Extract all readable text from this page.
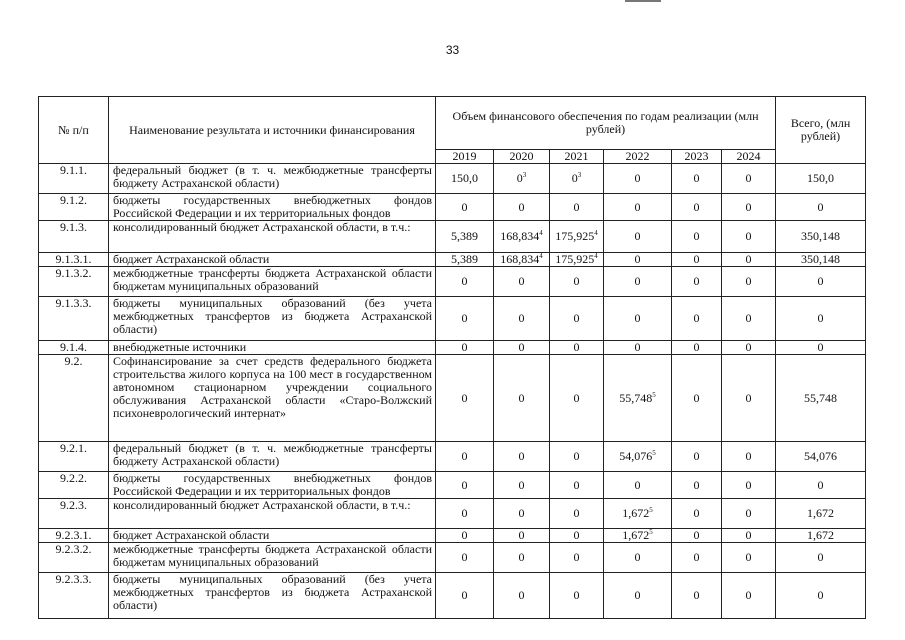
33
№ п/п	Наименование результата и источники финансирования	Объем финансового обеспечения по годам реализации (млн рублей)						Всего, (млн рублей)
		2019	2020	2021	2022	2023	2024	
9.1.1.	федеральный бюджет (в т. ч. межбюджетные трансферты бюджету Астраханской области)	150,0	$0^3$	$0^3$	0	0	0	150,0
9.1.2.	бюджеты государственных внебюджетных фондов Российской Федерации и их территориальных фондов	0	0	0	0	0	0	0
9.1.3.	консолидированный бюджет Астраханской области, в т.ч.:	5,389	168,834$^4$	175,925$^4$	0	0	0	350,148
9.1.3.1.	бюджет Астраханской области	5,389	168,834$^4$	175,925$^4$	0	0	0	350,148
9.1.3.2.	межбюджетные трансферты бюджета Астраханской области бюджетам муниципальных образований	0	0	0	0	0	0	0
9.1.3.3.	бюджеты муниципальных образований (без учета межбюджетных трансфертов из бюджета Астраханской области)	0	0	0	0	0	0	0
9.1.4.	внебюджетные источники	0	0	0	0	0	0	0
9.2.	Софинансирование за счет средств федерального бюджета строительства жилого корпуса на 100 мест в государственном автономном стационарном учреждении социального обслуживания Астраханской области «Старо-Волжский психоневрологический интернат»	0	0	0	55,748$^5$	0	0	55,748
9.2.1.	федеральный бюджет (в т. ч. межбюджетные трансферты бюджету Астраханской области)	0	0	0	54,076$^5$	0	0	54,076
9.2.2.	бюджеты государственных внебюджетных фондов Российской Федерации и их территориальных фондов	0	0	0	0	0	0	0
9.2.3.	консолидированный бюджет Астраханской области, в т.ч.:	0	0	0	1,672$^5$	0	0	1,672
9.2.3.1.	бюджет Астраханской области	0	0	0	1,672$^5$	0	0	1,672
9.2.3.2.	межбюджетные трансферты бюджета Астраханской области бюджетам муниципальных образований	0	0	0	0	0	0	0
9.2.3.3.	бюджеты муниципальных образований (без учета межбюджетных трансфертов из бюджета Астраханской области)	0	0	0	0	0	0	0
